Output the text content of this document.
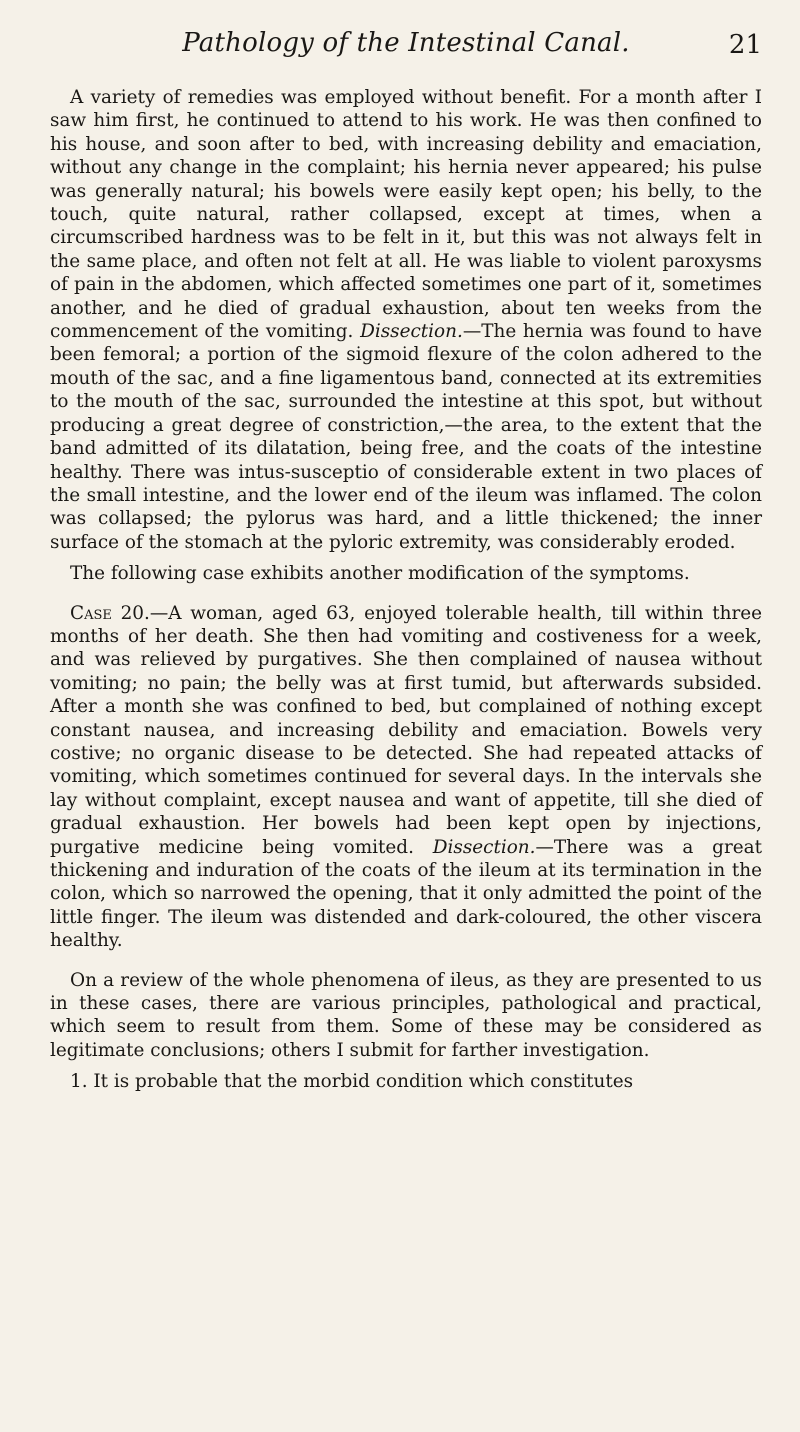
Pathology of the Intestinal Canal.	21

A variety of remedies was employed without benefit. For a month after I saw him first, he continued to attend to his work. He was then confined to his house, and soon after to bed, with increasing debility and emaciation, without any change in the complaint; his hernia never appeared; his pulse was generally natural; his bowels were easily kept open; his belly, to the touch, quite natural, rather collapsed, except at times, when a circumscribed hardness was to be felt in it, but this was not always felt in the same place, and often not felt at all. He was liable to violent paroxysms of pain in the abdomen, which affected sometimes one part of it, sometimes another, and he died of gradual exhaustion, about ten weeks from the commencement of the vomiting. Dissection.—The hernia was found to have been femoral; a portion of the sigmoid flexure of the colon adhered to the mouth of the sac, and a fine ligamentous band, connected at its extremities to the mouth of the sac, surrounded the intestine at this spot, but without producing a great degree of constriction,—the area, to the extent that the band admitted of its dilatation, being free, and the coats of the intestine healthy. There was intus-susceptio of considerable extent in two places of the small intestine, and the lower end of the ileum was inflamed. The colon was collapsed; the pylorus was hard, and a little thickened; the inner surface of the stomach at the pyloric extremity, was considerably eroded.

The following case exhibits another modification of the symptoms.

Case 20.—A woman, aged 63, enjoyed tolerable health, till within three months of her death. She then had vomiting and costiveness for a week, and was relieved by purgatives. She then complained of nausea without vomiting; no pain; the belly was at first tumid, but afterwards subsided. After a month she was confined to bed, but complained of nothing except constant nausea, and increasing debility and emaciation. Bowels very costive; no organic disease to be detected. She had repeated attacks of vomiting, which sometimes continued for several days. In the intervals she lay without complaint, except nausea and want of appetite, till she died of gradual exhaustion. Her bowels had been kept open by injections, purgative medicine being vomited. Dissection.—There was a great thickening and induration of the coats of the ileum at its termination in the colon, which so narrowed the opening, that it only admitted the point of the little finger. The ileum was distended and dark-coloured, the other viscera healthy.

On a review of the whole phenomena of ileus, as they are presented to us in these cases, there are various principles, pathological and practical, which seem to result from them. Some of these may be considered as legitimate conclusions; others I submit for farther investigation.

1. It is probable that the morbid condition which constitutes
